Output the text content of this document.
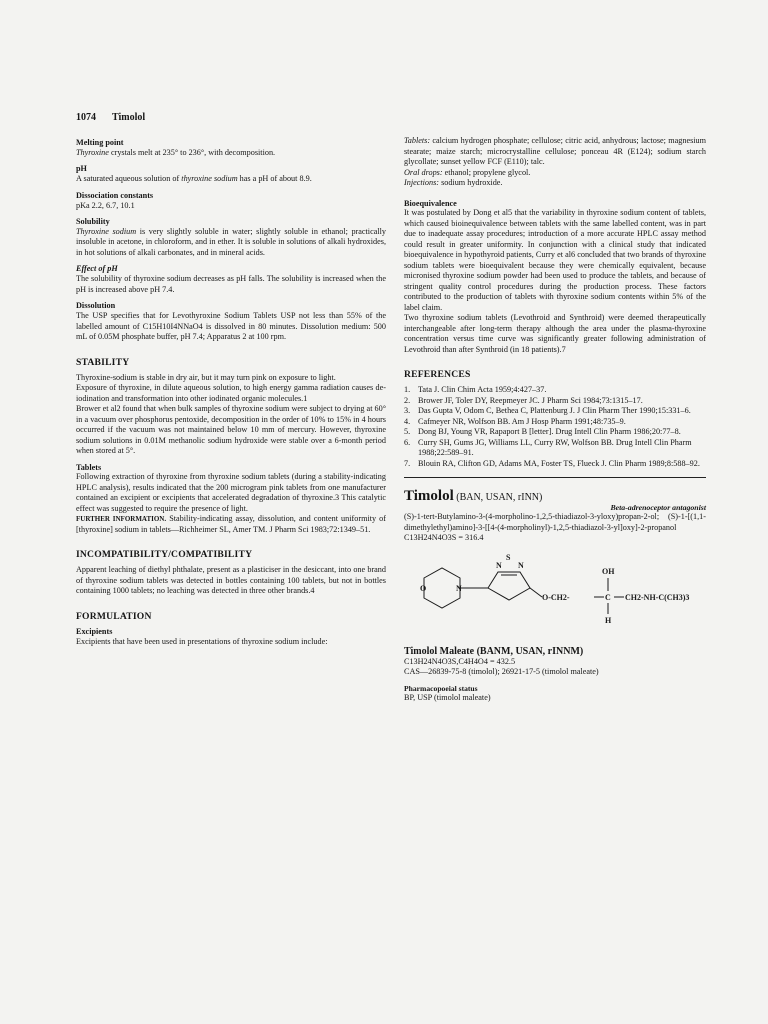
1074 Timolol
Melting point

Thyroxine crystals melt at 235° to 236°, with decomposition.

pH

A saturated aqueous solution of thyroxine sodium has a pH of about 8.9.

Dissociation constants

pKa 2.2, 6.7, 10.1

Solubility

Thyroxine sodium is very slightly soluble in water; slightly soluble in ethanol; practically insoluble in acetone, in chloroform, and in ether. It is soluble in solutions of alkali hydroxides, in hot solutions of alkali carbonates, and in mineral acids.

Effect of pH

The solubility of thyroxine sodium decreases as pH falls. The solubility is increased when the pH is increased above pH 7.4.

Dissolution

The USP specifies that for Levothyroxine Sodium Tablets USP not less than 55% of the labelled amount of C15H10I4NNaO4 is dissolved in 80 minutes. Dissolution medium: 500 mL of 0.05M phosphate buffer, pH 7.4; Apparatus 2 at 100 rpm.

STABILITY

Thyroxine-sodium is stable in dry air, but it may turn pink on exposure to light.

Exposure of thyroxine, in dilute aqueous solution, to high energy gamma radiation causes de-iodination and transformation into other iodinated organic molecules.1

Brower et al2 found that when bulk samples of thyroxine sodium were subject to drying at 60° in a vacuum over phosphorus pentoxide, decomposition in the order of 10% to 15% in 4 hours occurred if the vacuum was not maintained below 10 mm of mercury. However, thyroxine sodium solutions in 0.01M methanolic sodium hydroxide were stable over a 6-month period when stored at 5°.

Tablets

Following extraction of thyroxine from thyroxine sodium tablets (during a stability-indicating HPLC analysis), results indicated that the 200 microgram pink tablets from one manufacturer contained an excipient or excipients that accelerated degradation of thyroxine.3 This catalytic effect was suggested to require the presence of light.

FURTHER INFORMATION. Stability-indicating assay, dissolution, and content uniformity of [thyroxine] sodium in tablets—Richheimer SL, Amer TM. J Pharm Sci 1983;72:1349–51.

INCOMPATIBILITY/COMPATIBILITY

Apparent leaching of diethyl phthalate, present as a plasticiser in the desiccant, into one brand of thyroxine sodium tablets was detected in bottles containing 100 tablets, but not in bottles containing 1000 tablets; no leaching was detected in three other brands.4

FORMULATION
Excipients

Excipients that have been used in presentations of thyroxine sodium include:

Tablets: calcium hydrogen phosphate; cellulose; citric acid, anhydrous; lactose; magnesium stearate; maize starch; microcrystalline cellulose; ponceau 4R (E124); sodium starch glycollate; sunset yellow FCF (E110); talc.

Oral drops: ethanol; propylene glycol.

Injections: sodium hydroxide.

Bioequivalence

It was postulated by Dong et al5 that the variability in thyroxine sodium content of tablets, which caused bioinequivalence between tablets with the same labelled content, was in part due to inadequate assay procedures; introduction of a more accurate HPLC assay method could result in greater uniformity. In conjunction with a clinical study that indicated bioequivalence in hypothyroid patients, Curry et al6 concluded that two brands of thyroxine sodium tablets were bioequivalent because they were chemically equivalent, because micronised thyroxine sodium powder had been used to produce the tablets, and because of stringent quality control procedures during the production process. These factors contributed to the production of tablets with thyroxine sodium contents within 5% of the label claim.

Two thyroxine sodium tablets (Levothroid and Synthroid) were deemed therapeutically interchangeable after long-term therapy although the area under the plasma-thyroxine concentration versus time curve was significantly greater following administration of Levothroid than after Synthroid (in 18 patients).7

REFERENCES
1. Tata J. Clin Chim Acta 1959;4:427–37.
2. Brower JF, Toler DY, Reepmeyer JC. J Pharm Sci 1984;73:1315–17.
3. Das Gupta V, Odom C, Bethea C, Plattenburg J. J Clin Pharm Ther 1990;15:331–6.
4. Cafmeyer NR, Wolfson BB. Am J Hosp Pharm 1991;48:735–9.
5. Dong BJ, Young VR, Rapaport B [letter]. Drug Intell Clin Pharm 1986;20:77–8.
6. Curry SH, Gums JG, Williams LL, Curry RW, Wolfson BB. Drug Intell Clin Pharm 1988;22:589–91.
7. Blouin RA, Clifton GD, Adams MA, Foster TS, Flueck J. Clin Pharm 1989;8:588–92.
Timolol (BAN, USAN, rINN)
Beta-adrenoceptor antagonist

(S)-1-tert-Butylamino-3-(4-morpholino-1,2,5-thiadiazol-3-yloxy)propan-2-ol; (S)-1-[(1,1-dimethylethyl)amino]-3-[[4-(4-morpholinyl)-1,2,5-thiadiazol-3-yl]oxy]-2-propanol

C13H24N4O3S = 316.4

N
S
N
N
O
OH
O-CH2-	C CH2-NH-C(CH3)3
H
Timolol Maleate (BANM, USAN, rINNM)

C13H24N4O3S,C4H4O4 = 432.5

CAS—26839-75-8 (timolol); 26921-17-5 (timolol maleate)

Pharmacopoeial status

BP, USP (timolol maleate)
